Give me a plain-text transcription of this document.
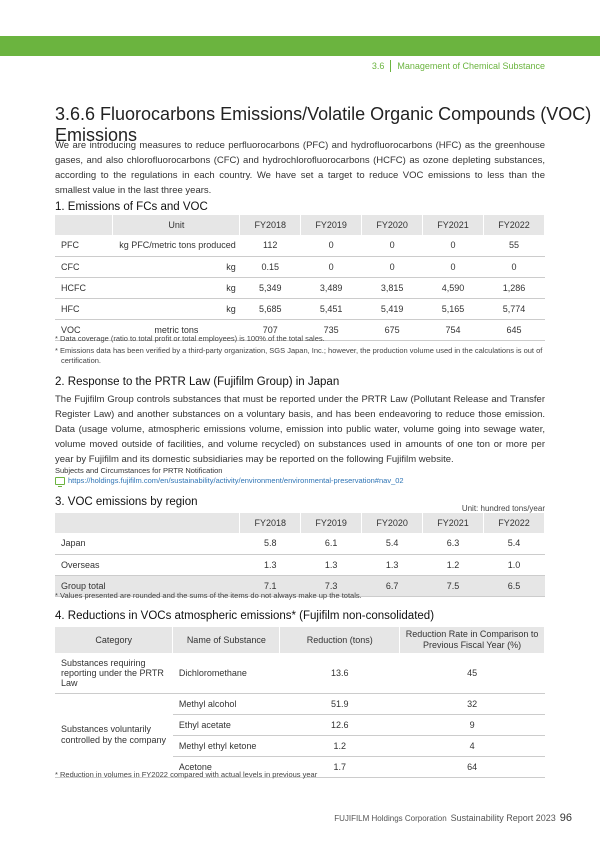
3.6 Management of Chemical Substance
3.6.6 Fluorocarbons Emissions/Volatile Organic Compounds (VOC) Emissions
We are introducing measures to reduce perfluorocarbons (PFC) and hydrofluorocarbons (HFC) as the greenhouse gases, and also chlorofluorocarbons (CFC) and hydrochlorofluorocarbons (HCFC) as ozone depleting substances, according to the regulations in each country. We have set a target to reduce VOC emissions to less than the smallest value in the last three years.
1. Emissions of FCs and VOC
	Unit	FY2018	FY2019	FY2020	FY2021	FY2022
PFC	kg PFC/metric tons produced	112	0	0	0	55
CFC	kg	0.15	0	0	0	0
HCFC	kg	5,349	3,489	3,815	4,590	1,286
HFC	kg	5,685	5,451	5,419	5,165	5,774
VOC	metric tons	707	735	675	754	645
* Data coverage (ratio to total profit or total employees) is 100% of the total sales.
* Emissions data has been verified by a third-party organization, SGS Japan, Inc.; however, the production volume used in the calculations is out of certification.
2. Response to the PRTR Law (Fujifilm Group) in Japan
The Fujifilm Group controls substances that must be reported under the PRTR Law (Pollutant Release and Transfer Register Law) and another substances on a voluntary basis, and has been endeavoring to reduce those emission. Data (usage volume, atmospheric emissions volume, emission into public water, volume going into sewage water, volume moved outside of facilities, and volume recycled) on substances used in amounts of one ton or more per year by Fujifilm and its domestic subsidiaries may be reported on the following Fujifilm website.
Subjects and Circumstances for PRTR Notification
https://holdings.fujifilm.com/en/sustainability/activity/environment/environmental-preservation#nav_02
3. VOC emissions by region
Unit: hundred tons/year
	FY2018	FY2019	FY2020	FY2021	FY2022
Japan	5.8	6.1	5.4	6.3	5.4
Overseas	1.3	1.3	1.3	1.2	1.0
Group total	7.1	7.3	6.7	7.5	6.5
* Values presented are rounded and the sums of the items do not always make up the totals.
4. Reductions in VOCs atmospheric emissions* (Fujifilm non-consolidated)
Category	Name of Substance	Reduction (tons)	Reduction Rate in Comparison to Previous Fiscal Year (%)
Substances requiring reporting under the PRTR Law	Dichloromethane	13.6	45
Substances voluntarily controlled by the company	Methyl alcohol	51.9	32
	Ethyl acetate	12.6	9
	Methyl ethyl ketone	1.2	4
	Acetone	1.7	64
* Reduction in volumes in FY2022 compared with actual levels in previous year
FUJIFILM Holdings Corporation Sustainability Report 2023 96
